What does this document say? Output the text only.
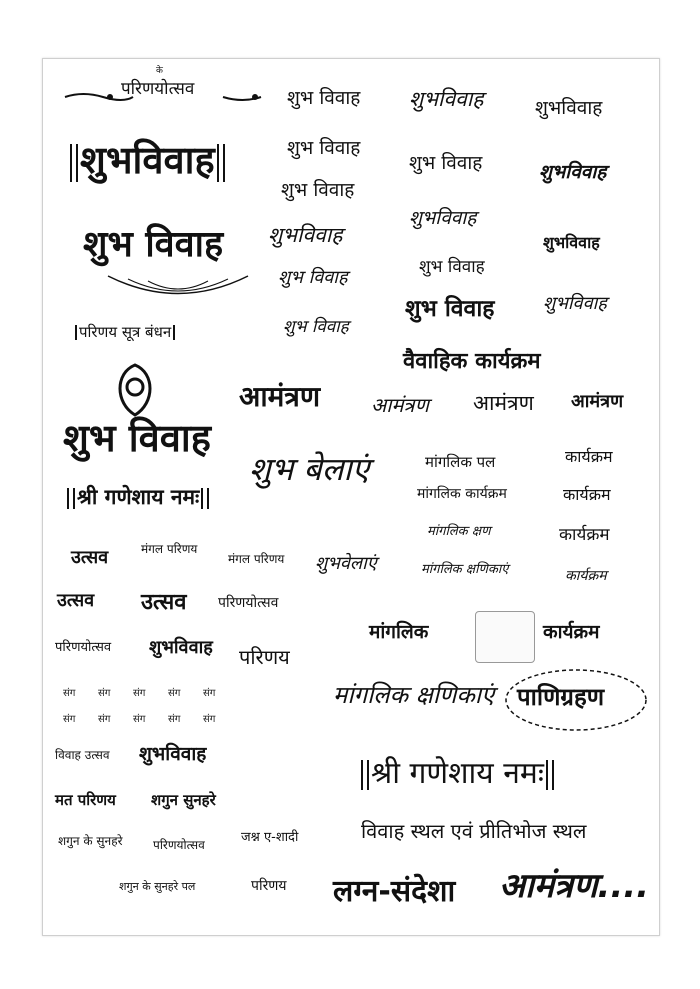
के
परिणयोत्सव
शुभविवाह
शुभ विवाह
परिणय सूत्र बंधन
शुभ विवाह
श्री गणेशाय नमः
उत्सव	मंगल परिणय
मंगल परिणय
उत्सव उत्सव परिणयोत्सव
परिणयोत्सव शुभविवाह परिणय
संग संग संग संग संग
संग संग संग संग संग
विवाह उत्सव शुभविवाह
मत परिणय शगुन सुनहरे
शगुन के सुनहरे	परिणयोत्सव	जश्न ए-शादी
शगुन के सुनहरे पल	परिणय
शुभ विवाह
शुभ विवाह
शुभ विवाह
शुभविवाह
शुभ विवाह
शुभ विवाह
आमंत्रण
शुभ बेलाएं
शुभवेलाएं
शुभविवाह
शुभ विवाह
शुभविवाह
शुभ विवाह
शुभ विवाह
वैवाहिक कार्यक्रम
आमंत्रण आमंत्रण
मांगलिक पल
मांगलिक कार्यक्रम
मांगलिक क्षण
मांगलिक क्षणिकाएं
शुभविवाह
शुभविवाह
शुभविवाह
शुभविवाह
आमंत्रण
कार्यक्रम
कार्यक्रम
कार्यक्रम
कार्यक्रम
मांगलिक	कार्यक्रम
मांगलिक क्षणिकाएं पाणिग्रहण
श्री गणेशाय नमः
विवाह स्थल एवं प्रीतिभोज स्थल
लग्न-संदेशा आमंत्रण....
